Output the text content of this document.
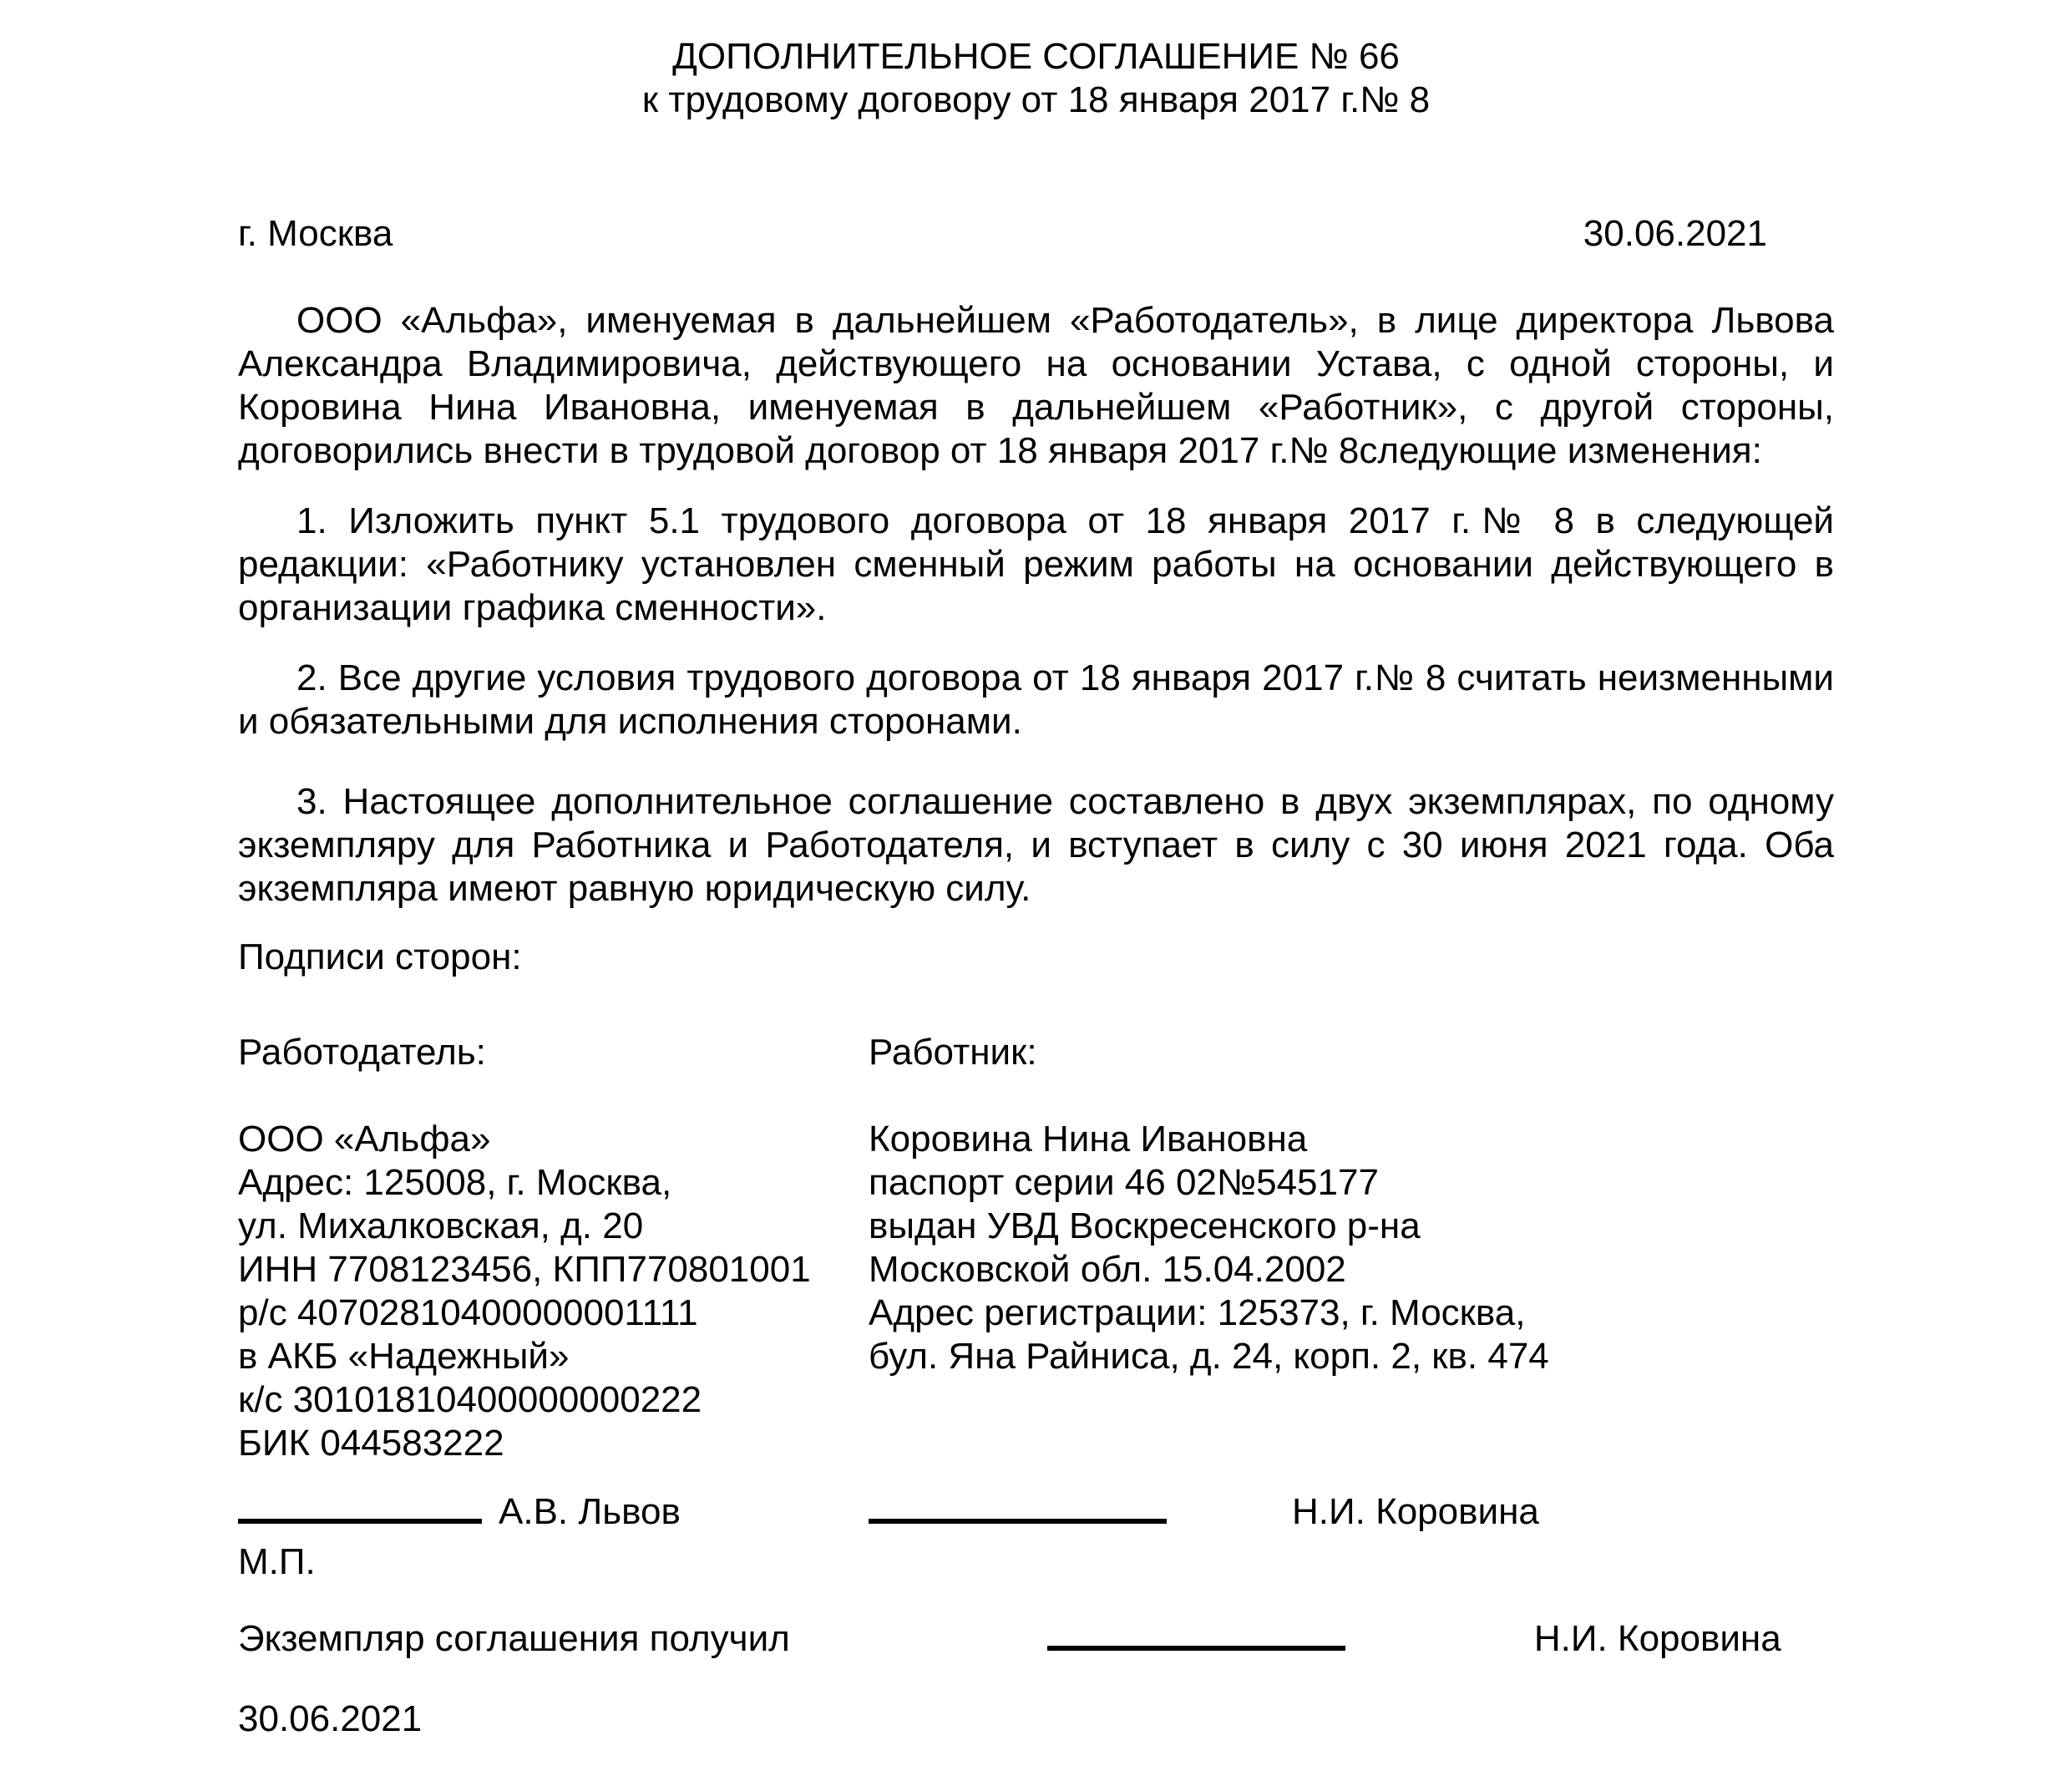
ДОПОЛНИТЕЛЬНОЕ СОГЛАШЕНИЕ № 66
к трудовому договору от 18 января 2017 г.№ 8
г. Москва	30.06.2021

ООО «Альфа», именуемая в дальнейшем «Работодатель», в лице директора Львова Александра Владимировича, действующего на основании Устава, с одной стороны, и Коровина Нина Ивановна, именуемая в дальнейшем «Работник», с другой стороны, договорились внести в трудовой договор от 18 января 2017 г.№ 8следующие изменения:

1. Изложить пункт 5.1 трудового договора от 18 января 2017 г.№ 8 в следующей редакции: «Работнику установлен сменный режим работы на основании действующего в организации графика сменности».

2. Все другие условия трудового договора от 18 января 2017 г.№ 8 считать неизменными и обязательными для исполнения сторонами.

3. Настоящее дополнительное соглашение составлено в двух экземплярах, по одному экземпляру для Работника и Работодателя, и вступает в силу с 30 июня 2021 года. Оба экземпляра имеют равную юридическую силу.

Подписи сторон:
Работодатель:
ООО «Альфа»
Адрес: 125008, г. Москва,
ул. Михалковская, д. 20
ИНН 7708123456, КПП770801001
р/с 40702810400000001111
в АКБ «Надежный»
к/с 30101810400000000222
БИК 044583222
Работник:
Коровина Нина Ивановна
паспорт серии 46 02№545177
выдан УВД Воскресенского р-на
Московской обл. 15.04.2002
Адрес регистрации: 125373, г. Москва,
бул. Яна Райниса, д. 24, корп. 2, кв. 474
А.В. Львов	Н.И. Коровина
М.П.
Экземпляр соглашения получил	Н.И. Коровина
30.06.2021
